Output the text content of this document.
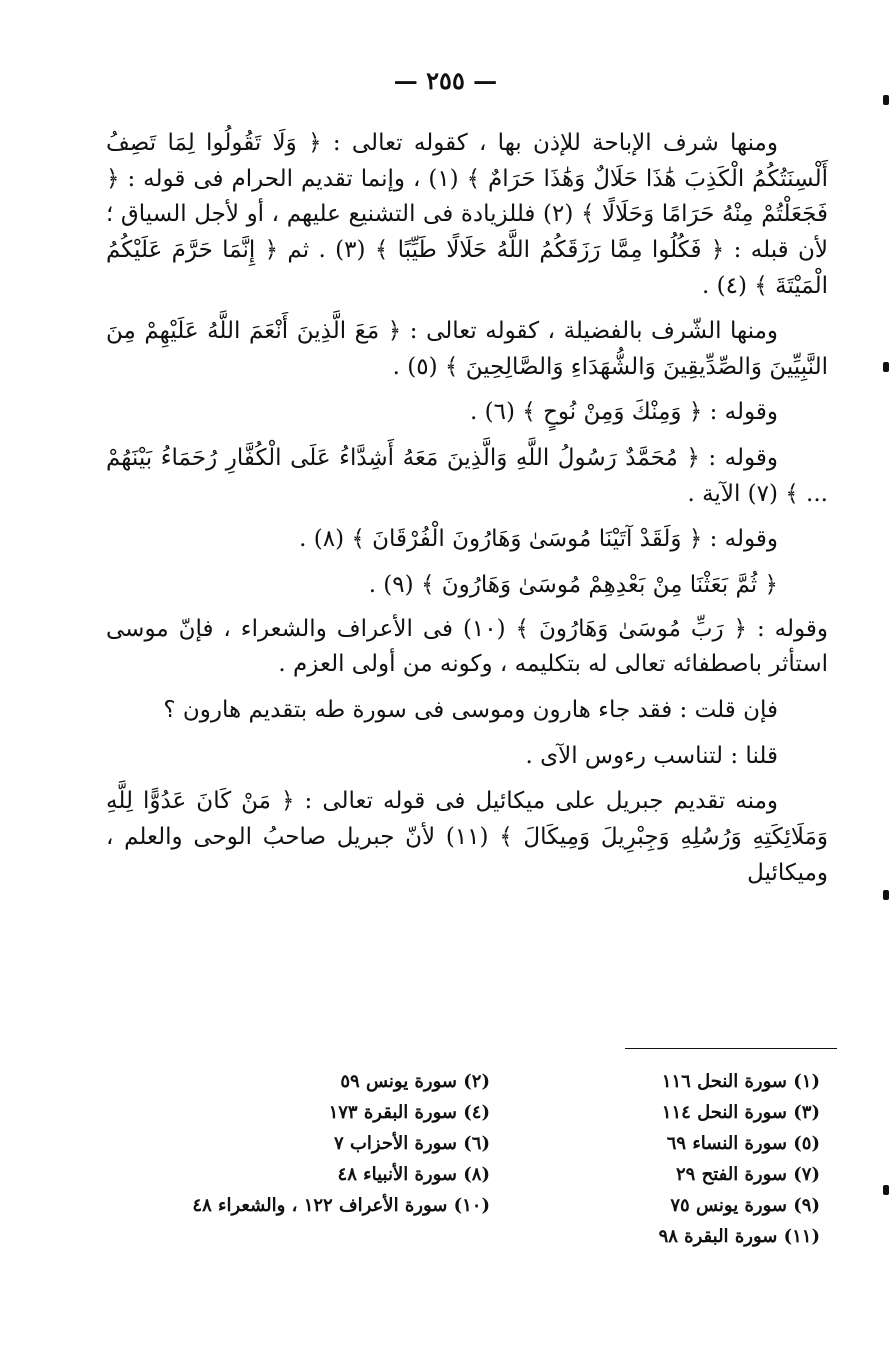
— ٢٥٥ —

ومنها شرف الإباحة للإذن بها ، كقوله تعالى : ﴿ وَلَا تَقُولُوا لِمَا تَصِفُ أَلْسِنَتُكُمُ الْكَذِبَ هَٰذَا حَلَالٌ وَهَٰذَا حَرَامٌ ﴾ (١) ، وإنما تقديم الحرام فى قوله : ﴿ فَجَعَلْتُمْ مِنْهُ حَرَامًا وَحَلَالًا ﴾ (٢) فللزيادة فى التشنيع عليهم ، أو لأجل السياق ؛ لأن قبله : ﴿ فَكُلُوا مِمَّا رَزَقَكُمُ اللَّهُ حَلَالًا طَيِّبًا ﴾ (٣) . ثم ﴿ إِنَّمَا حَرَّمَ عَلَيْكُمُ الْمَيْتَةَ ﴾ (٤) .

ومنها الشّرف بالفضيلة ، كقوله تعالى : ﴿ مَعَ الَّذِينَ أَنْعَمَ اللَّهُ عَلَيْهِمْ مِنَ النَّبِيِّينَ وَالصِّدِّيقِينَ وَالشُّهَدَاءِ وَالصَّالِحِينَ ﴾ (٥) .

وقوله : ﴿ وَمِنْكَ وَمِنْ نُوحٍ ﴾ (٦) .

وقوله : ﴿ مُحَمَّدٌ رَسُولُ اللَّهِ وَالَّذِينَ مَعَهُ أَشِدَّاءُ عَلَى الْكُفَّارِ رُحَمَاءُ بَيْنَهُمْ ... ﴾ (٧) الآية .

وقوله : ﴿ وَلَقَدْ آتَيْنَا مُوسَىٰ وَهَارُونَ الْفُرْقَانَ ﴾ (٨) .

﴿ ثُمَّ بَعَثْنَا مِنْ بَعْدِهِمْ مُوسَىٰ وَهَارُونَ ﴾ (٩) .

وقوله : ﴿ رَبِّ مُوسَىٰ وَهَارُونَ ﴾ (١٠) فى الأعراف والشعراء ، فإنّ موسى استأثر باصطفائه تعالى له بتكليمه ، وكونه من أولى العزم .

فإن قلت : فقد جاء هارون وموسى فى سورة طه بتقديم هارون ؟

قلنا : لتناسب رءوس الآى .

ومنه تقديم جبريل على ميكائيل فى قوله تعالى : ﴿ مَنْ كَانَ عَدُوًّا لِلَّهِ وَمَلَائِكَتِهِ وَرُسُلِهِ وَجِبْرِيلَ وَمِيكَالَ ﴾ (١١) لأنّ جبريل صاحبُ الوحى والعلم ، وميكائيل

(١) سورة النحل ١١٦
(٣) سورة النحل ١١٤
(٥) سورة النساء ٦٩
(٧) سورة الفتح ٢٩
(٩) سورة يونس ٧٥
(١١) سورة البقرة ٩٨
(٢) سورة يونس ٥٩
(٤) سورة البقرة ١٧٣
(٦) سورة الأحزاب ٧
(٨) سورة الأنبياء ٤٨
(١٠) سورة الأعراف ١٢٢ ، والشعراء ٤٨
